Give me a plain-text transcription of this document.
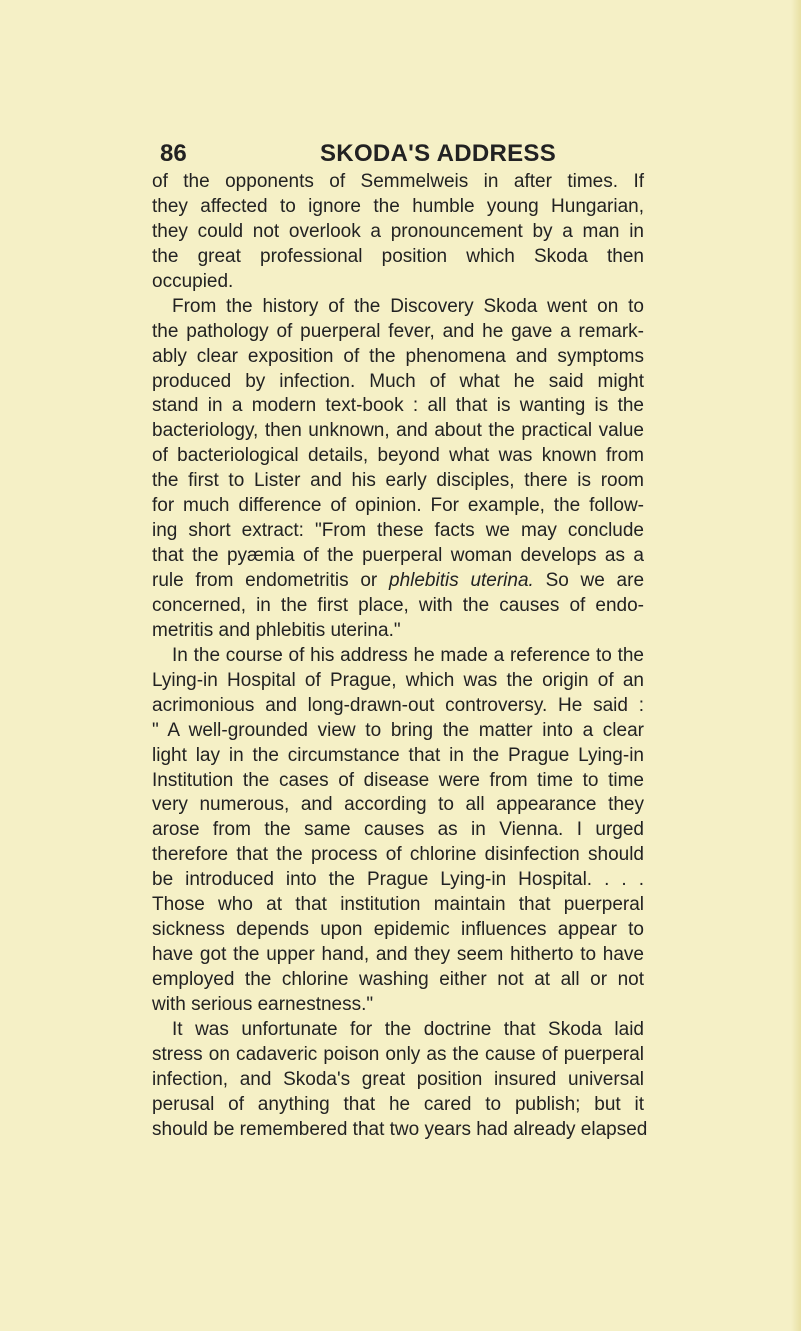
86	SKODA'S ADDRESS
of the opponents of Semmelweis in after times. If
they affected to ignore the humble young Hungarian,
they could not overlook a pronouncement by a man in
the great professional position which Skoda then
occupied.
From the history of the Discovery Skoda went on to
the pathology of puerperal fever, and he gave a remark-
ably clear exposition of the phenomena and symptoms
produced by infection. Much of what he said might
stand in a modern text-book : all that is wanting is the
bacteriology, then unknown, and about the practical value
of bacteriological details, beyond what was known from
the first to Lister and his early disciples, there is room
for much difference of opinion. For example, the follow-
ing short extract: "From these facts we may conclude
that the pyæmia of the puerperal woman develops as a
rule from endometritis or phlebitis uterina. So we are
concerned, in the first place, with the causes of endo-
metritis and phlebitis uterina."
In the course of his address he made a reference to the
Lying-in Hospital of Prague, which was the origin of an
acrimonious and long-drawn-out controversy. He said :
" A well-grounded view to bring the matter into a clear
light lay in the circumstance that in the Prague Lying-in
Institution the cases of disease were from time to time
very numerous, and according to all appearance they
arose from the same causes as in Vienna. I urged
therefore that the process of chlorine disinfection should
be introduced into the Prague Lying-in Hospital. . . .
Those who at that institution maintain that puerperal
sickness depends upon epidemic influences appear to
have got the upper hand, and they seem hitherto to have
employed the chlorine washing either not at all or not
with serious earnestness."
It was unfortunate for the doctrine that Skoda laid
stress on cadaveric poison only as the cause of puerperal
infection, and Skoda's great position insured universal
perusal of anything that he cared to publish; but it
should be remembered that two years had already elapsed
